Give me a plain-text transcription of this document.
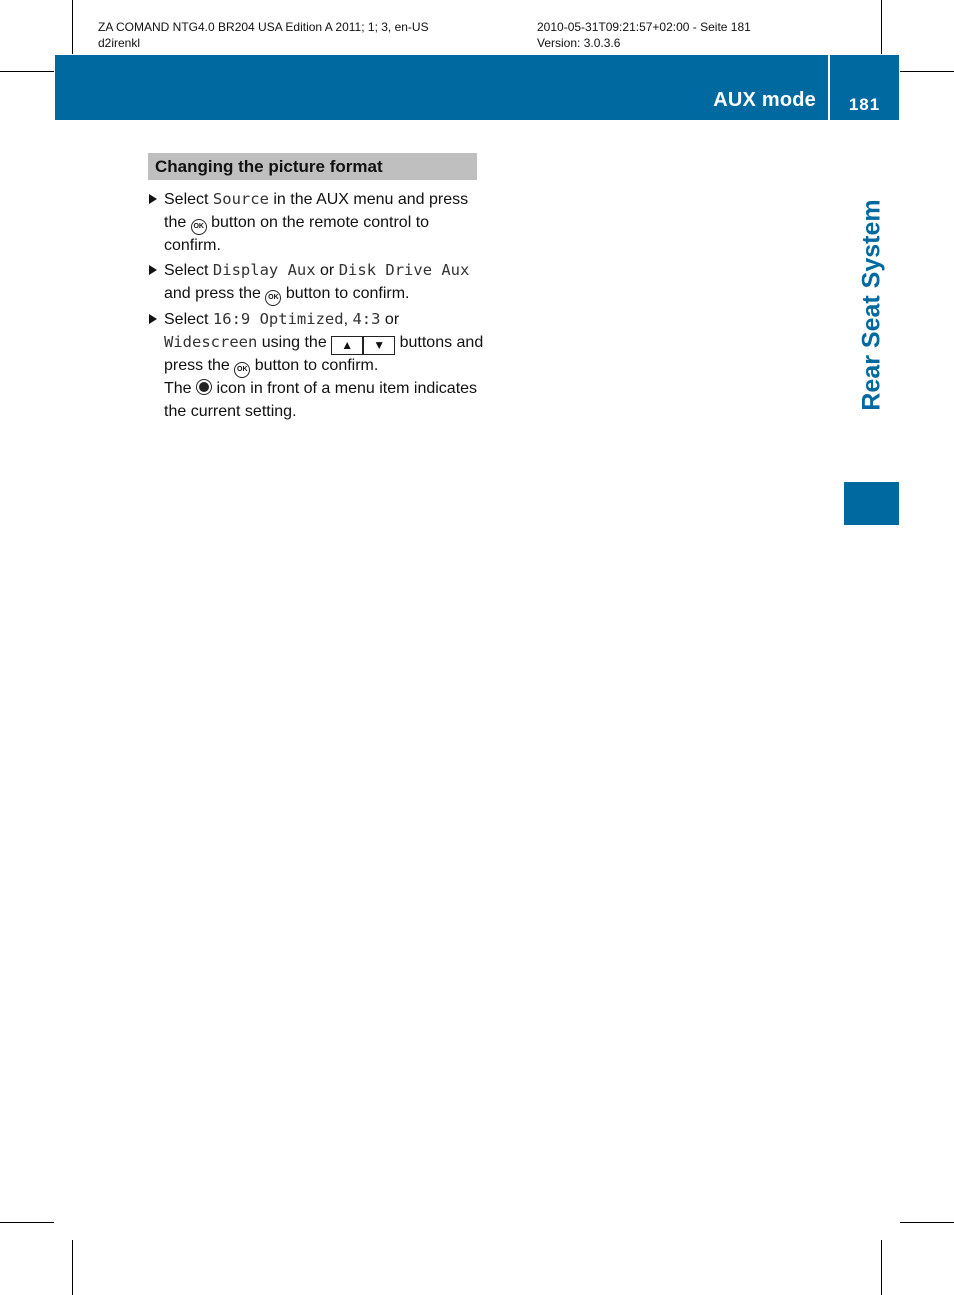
ZA COMAND NTG4.0 BR204 USA Edition A 2011; 1; 3, en-US
d2irenkl
2010-05-31T09:21:57+02:00 - Seite 181
Version: 3.0.3.6
AUX mode	181
Rear Seat System
Changing the picture format
Select Source in the AUX menu and press the OK button on the remote control to confirm.
Select Display Aux or Disk Drive Aux and press the OK button to confirm.
Select 16:9 Optimized, 4:3 or Widescreen using the ▲ ▼ buttons and press the OK button to confirm.
The  icon in front of a menu item indicates the current setting.
